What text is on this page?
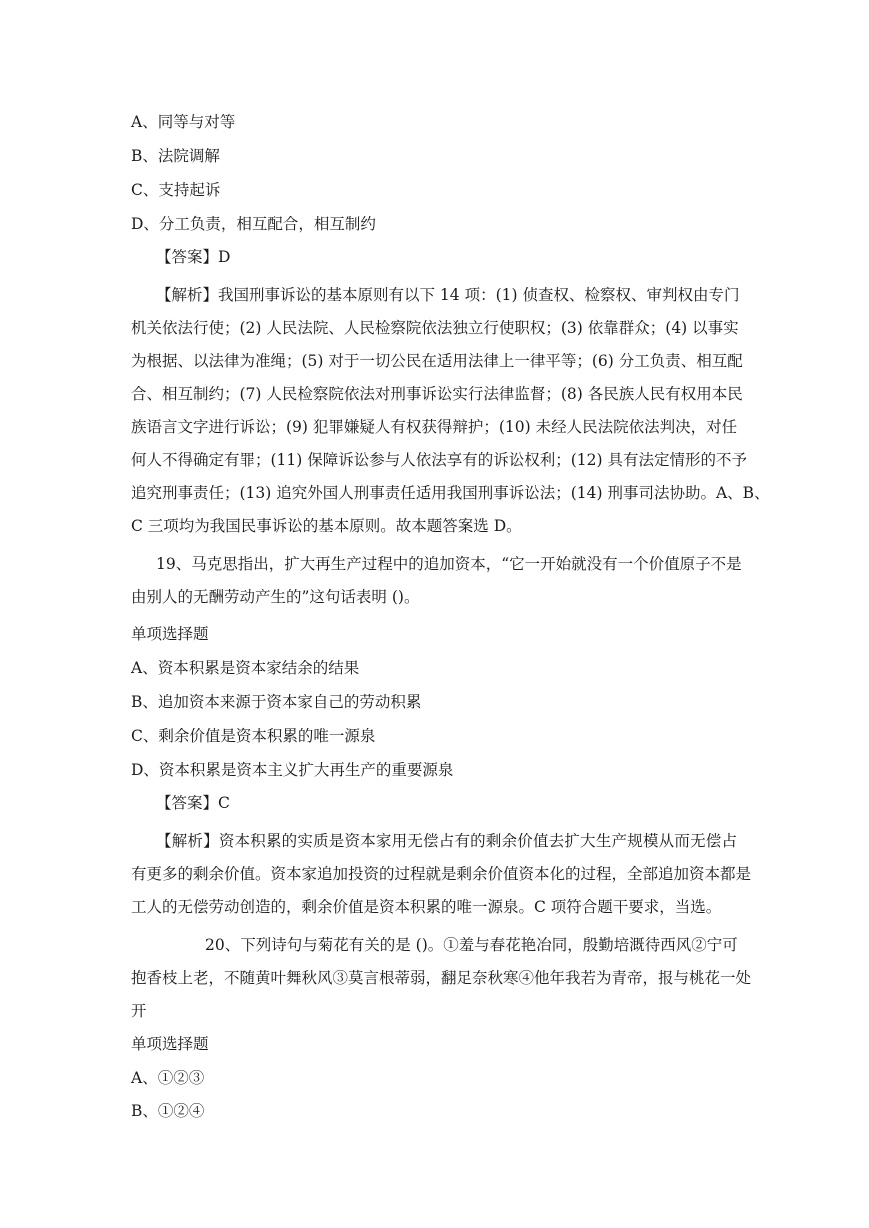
A、同等与对等
B、法院调解
C、支持起诉
D、分工负责，相互配合，相互制约
【答案】D
【解析】我国刑事诉讼的基本原则有以下 14 项：(1) 侦查权、检察权、审判权由专门
机关依法行使；(2) 人民法院、人民检察院依法独立行使职权；(3) 依靠群众；(4) 以事实
为根据、以法律为准绳；(5) 对于一切公民在适用法律上一律平等；(6) 分工负责、相互配
合、相互制约；(7) 人民检察院依法对刑事诉讼实行法律监督；(8) 各民族人民有权用本民
族语言文字进行诉讼；(9) 犯罪嫌疑人有权获得辩护；(10) 未经人民法院依法判决，对任
何人不得确定有罪；(11) 保障诉讼参与人依法享有的诉讼权利；(12) 具有法定情形的不予
追究刑事责任；(13) 追究外国人刑事责任适用我国刑事诉讼法；(14) 刑事司法协助。A、B、
C 三项均为我国民事诉讼的基本原则。故本题答案选 D。
19、马克思指出，扩大再生产过程中的追加资本，“它一开始就没有一个价值原子不是
由别人的无酬劳动产生的”这句话表明 ()。
单项选择题
A、资本积累是资本家结余的结果
B、追加资本来源于资本家自己的劳动积累
C、剩余价值是资本积累的唯一源泉
D、资本积累是资本主义扩大再生产的重要源泉
【答案】C
【解析】资本积累的实质是资本家用无偿占有的剩余价值去扩大生产规模从而无偿占
有更多的剩余价值。资本家追加投资的过程就是剩余价值资本化的过程，全部追加资本都是
工人的无偿劳动创造的，剩余价值是资本积累的唯一源泉。C 项符合题干要求，当选。
20、下列诗句与菊花有关的是 ()。①羞与春花艳冶同，殷勤培溉待西风②宁可
抱香枝上老，不随黄叶舞秋风③莫言根蒂弱，翻足奈秋寒④他年我若为青帝，报与桃花一处
开
单项选择题
A、①②③
B、①②④
